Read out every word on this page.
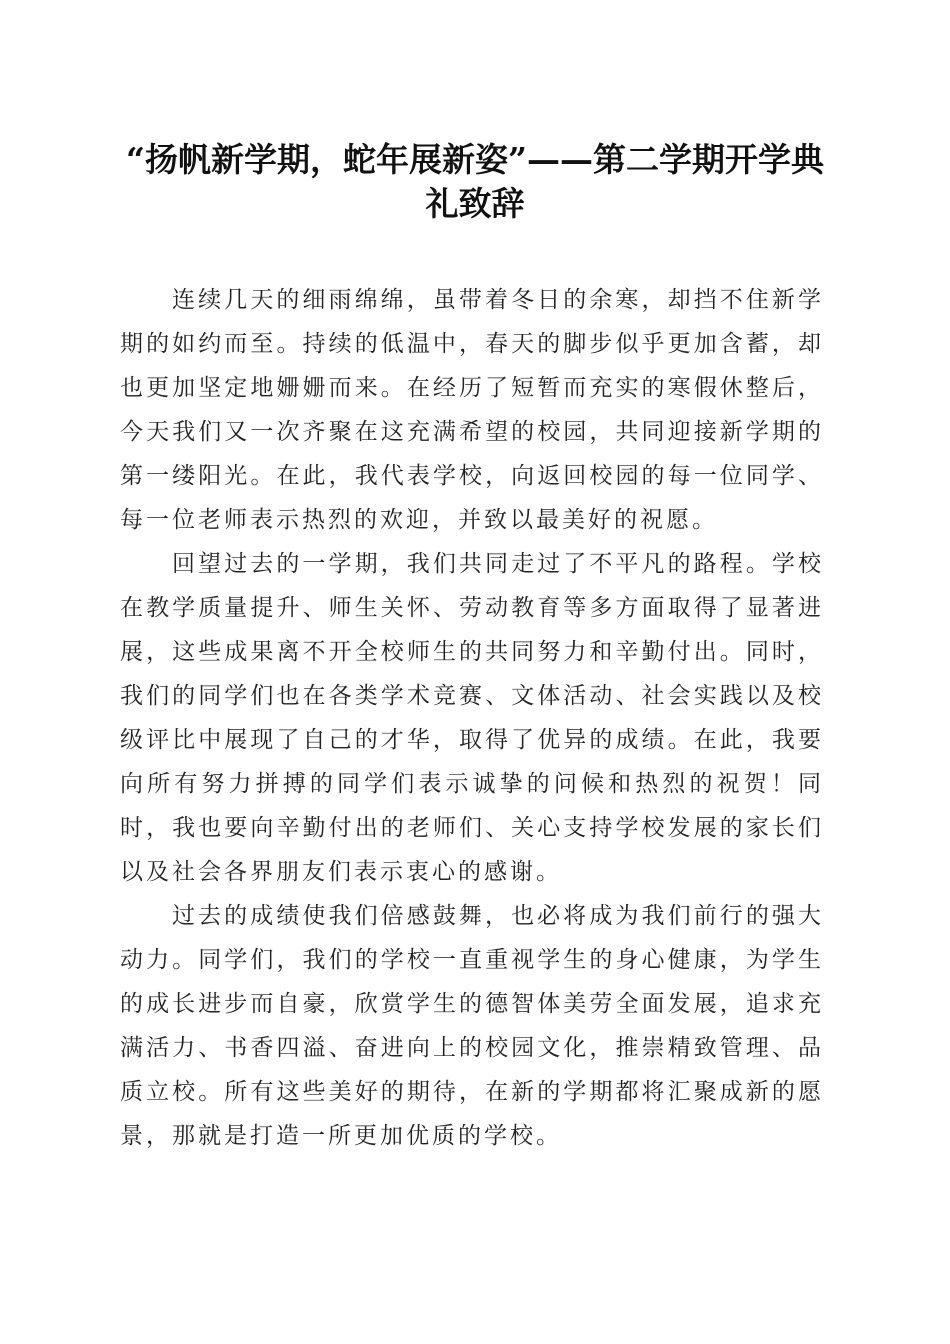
“扬帆新学期，蛇年展新姿”——第二学期开学典礼致辞

连续几天的细雨绵绵，虽带着冬日的余寒，却挡不住新学期的如约而至。持续的低温中，春天的脚步似乎更加含蓄，却也更加坚定地姗姗而来。在经历了短暂而充实的寒假休整后，今天我们又一次齐聚在这充满希望的校园，共同迎接新学期的第一缕阳光。在此，我代表学校，向返回校园的每一位同学、每一位老师表示热烈的欢迎，并致以最美好的祝愿。

回望过去的一学期，我们共同走过了不平凡的路程。学校在教学质量提升、师生关怀、劳动教育等多方面取得了显著进展，这些成果离不开全校师生的共同努力和辛勤付出。同时，我们的同学们也在各类学术竞赛、文体活动、社会实践以及校级评比中展现了自己的才华，取得了优异的成绩。在此，我要向所有努力拼搏的同学们表示诚挚的问候和热烈的祝贺！同时，我也要向辛勤付出的老师们、关心支持学校发展的家长们以及社会各界朋友们表示衷心的感谢。

过去的成绩使我们倍感鼓舞，也必将成为我们前行的强大动力。同学们，我们的学校一直重视学生的身心健康，为学生的成长进步而自豪，欣赏学生的德智体美劳全面发展，追求充满活力、书香四溢、奋进向上的校园文化，推崇精致管理、品质立校。所有这些美好的期待，在新的学期都将汇聚成新的愿景，那就是打造一所更加优质的学校。
